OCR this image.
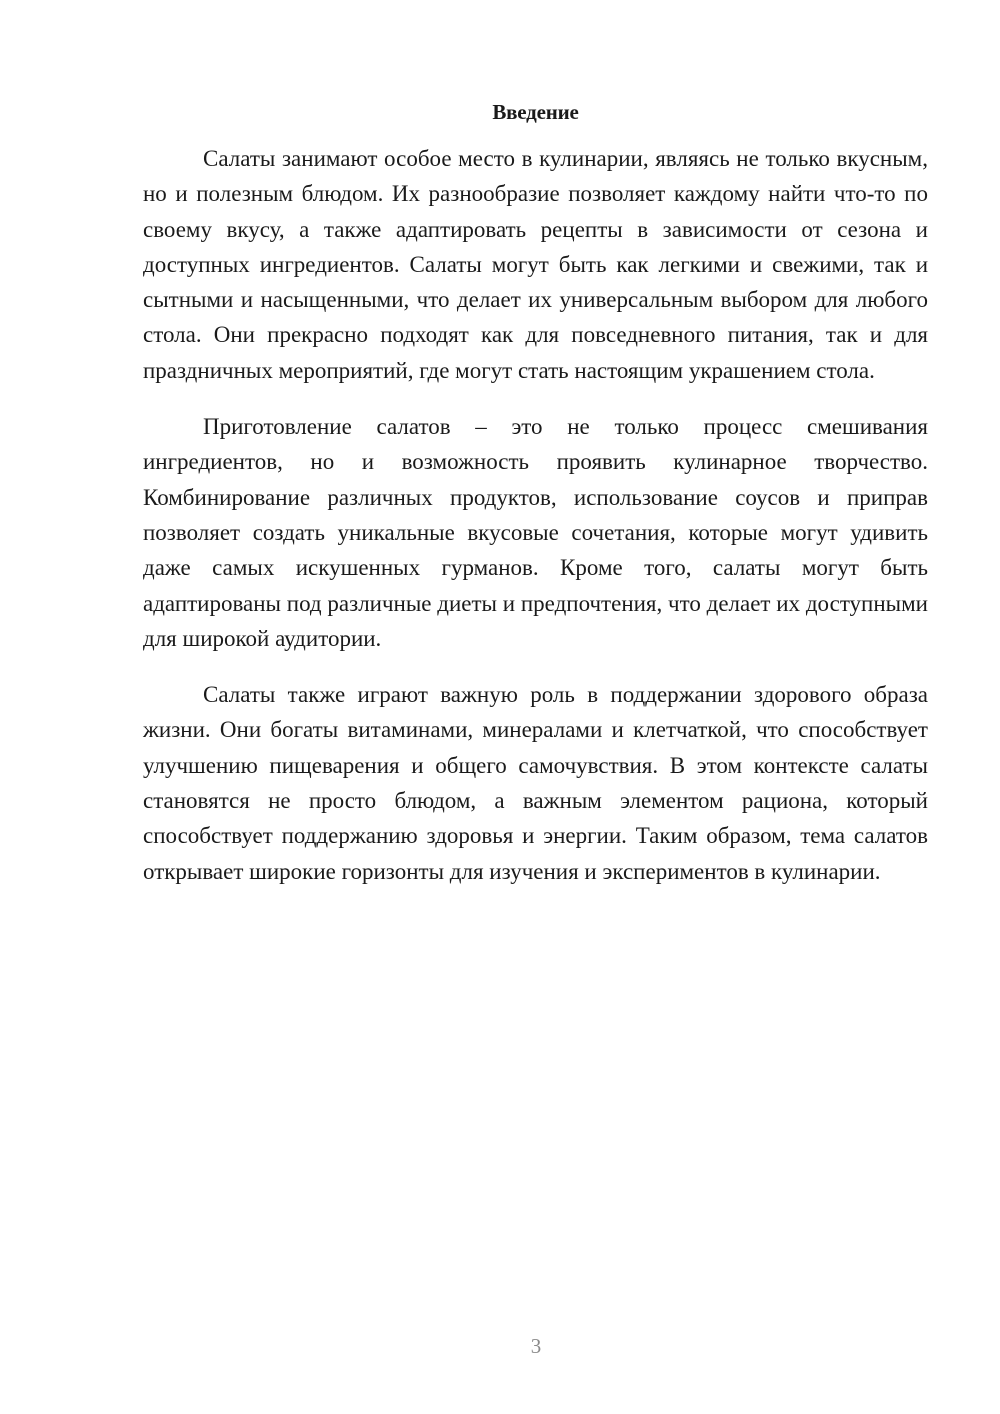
Введение

Салаты занимают особое место в кулинарии, являясь не только вкусным, но и полезным блюдом. Их разнообразие позволяет каждому найти что-то по своему вкусу, а также адаптировать рецепты в зависимости от сезона и доступных ингредиентов. Салаты могут быть как легкими и свежими, так и сытными и насыщенными, что делает их универсальным выбором для любого стола. Они прекрасно подходят как для повседневного питания, так и для праздничных мероприятий, где могут стать настоящим украшением стола.

Приготовление салатов – это не только процесс смешивания ингредиентов, но и возможность проявить кулинарное творчество. Комбинирование различных продуктов, использование соусов и приправ позволяет создать уникальные вкусовые сочетания, которые могут удивить даже самых искушенных гурманов. Кроме того, салаты могут быть адаптированы под различные диеты и предпочтения, что делает их доступными для широкой аудитории.

Салаты также играют важную роль в поддержании здорового образа жизни. Они богаты витаминами, минералами и клетчаткой, что способствует улучшению пищеварения и общего самочувствия. В этом контексте салаты становятся не просто блюдом, а важным элементом рациона, который способствует поддержанию здоровья и энергии. Таким образом, тема салатов открывает широкие горизонты для изучения и экспериментов в кулинарии.

3
